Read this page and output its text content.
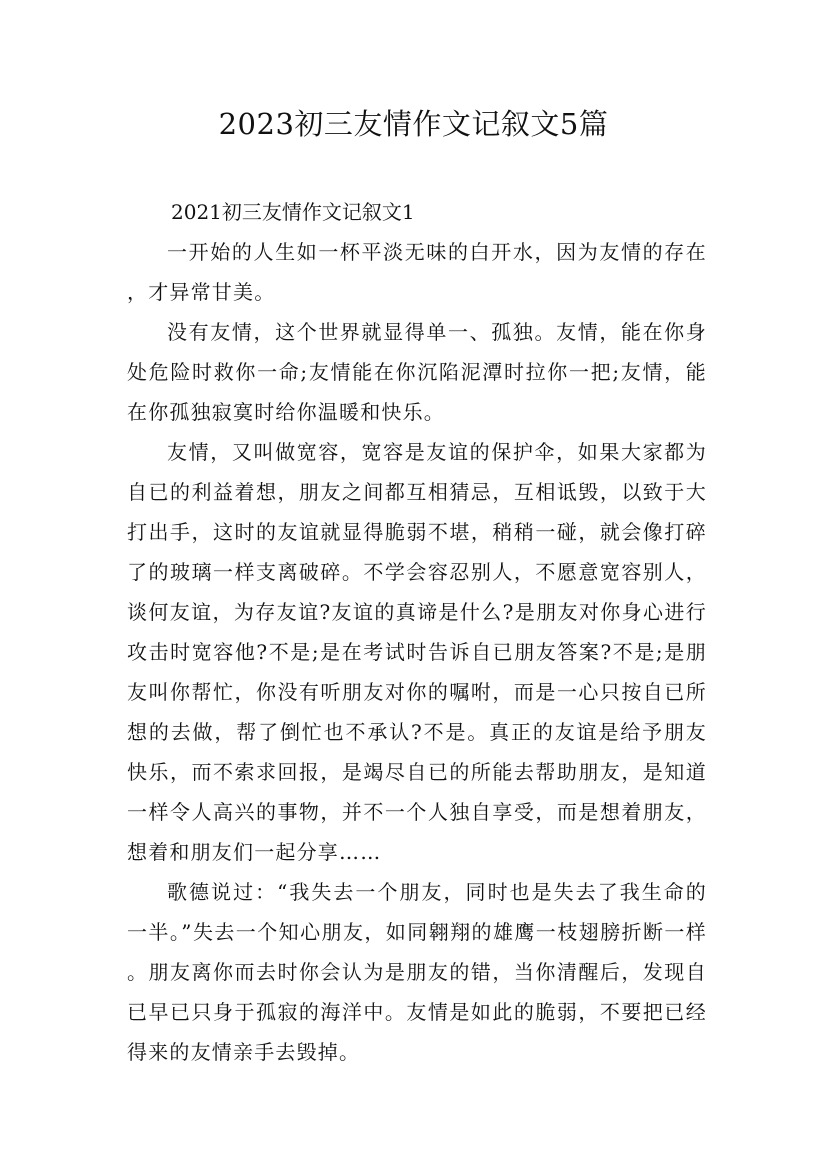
2023初三友情作文记叙文5篇

2021初三友情作文记叙文1

一开始的人生如一杯平淡无味的白开水，因为友情的存在，才异常甘美。

没有友情，这个世界就显得单一、孤独。友情，能在你身处危险时救你一命;友情能在你沉陷泥潭时拉你一把;友情，能在你孤独寂寞时给你温暖和快乐。

友情，又叫做宽容，宽容是友谊的保护伞，如果大家都为自已的利益着想，朋友之间都互相猜忌，互相诋毁，以致于大打出手，这时的友谊就显得脆弱不堪，稍稍一碰，就会像打碎了的玻璃一样支离破碎。不学会容忍别人，不愿意宽容别人，谈何友谊，为存友谊?友谊的真谛是什么?是朋友对你身心进行攻击时宽容他?不是;是在考试时告诉自已朋友答案?不是;是朋友叫你帮忙，你没有听朋友对你的嘱咐，而是一心只按自已所想的去做，帮了倒忙也不承认?不是。真正的友谊是给予朋友快乐，而不索求回报，是竭尽自已的所能去帮助朋友，是知道一样令人高兴的事物，并不一个人独自享受，而是想着朋友，想着和朋友们一起分享……

歌德说过：“我失去一个朋友，同时也是失去了我生命的一半。”失去一个知心朋友，如同翱翔的雄鹰一枝翅膀折断一样。朋友离你而去时你会认为是朋友的错，当你清醒后，发现自已早已只身于孤寂的海洋中。友情是如此的脆弱，不要把已经得来的友情亲手去毁掉。
